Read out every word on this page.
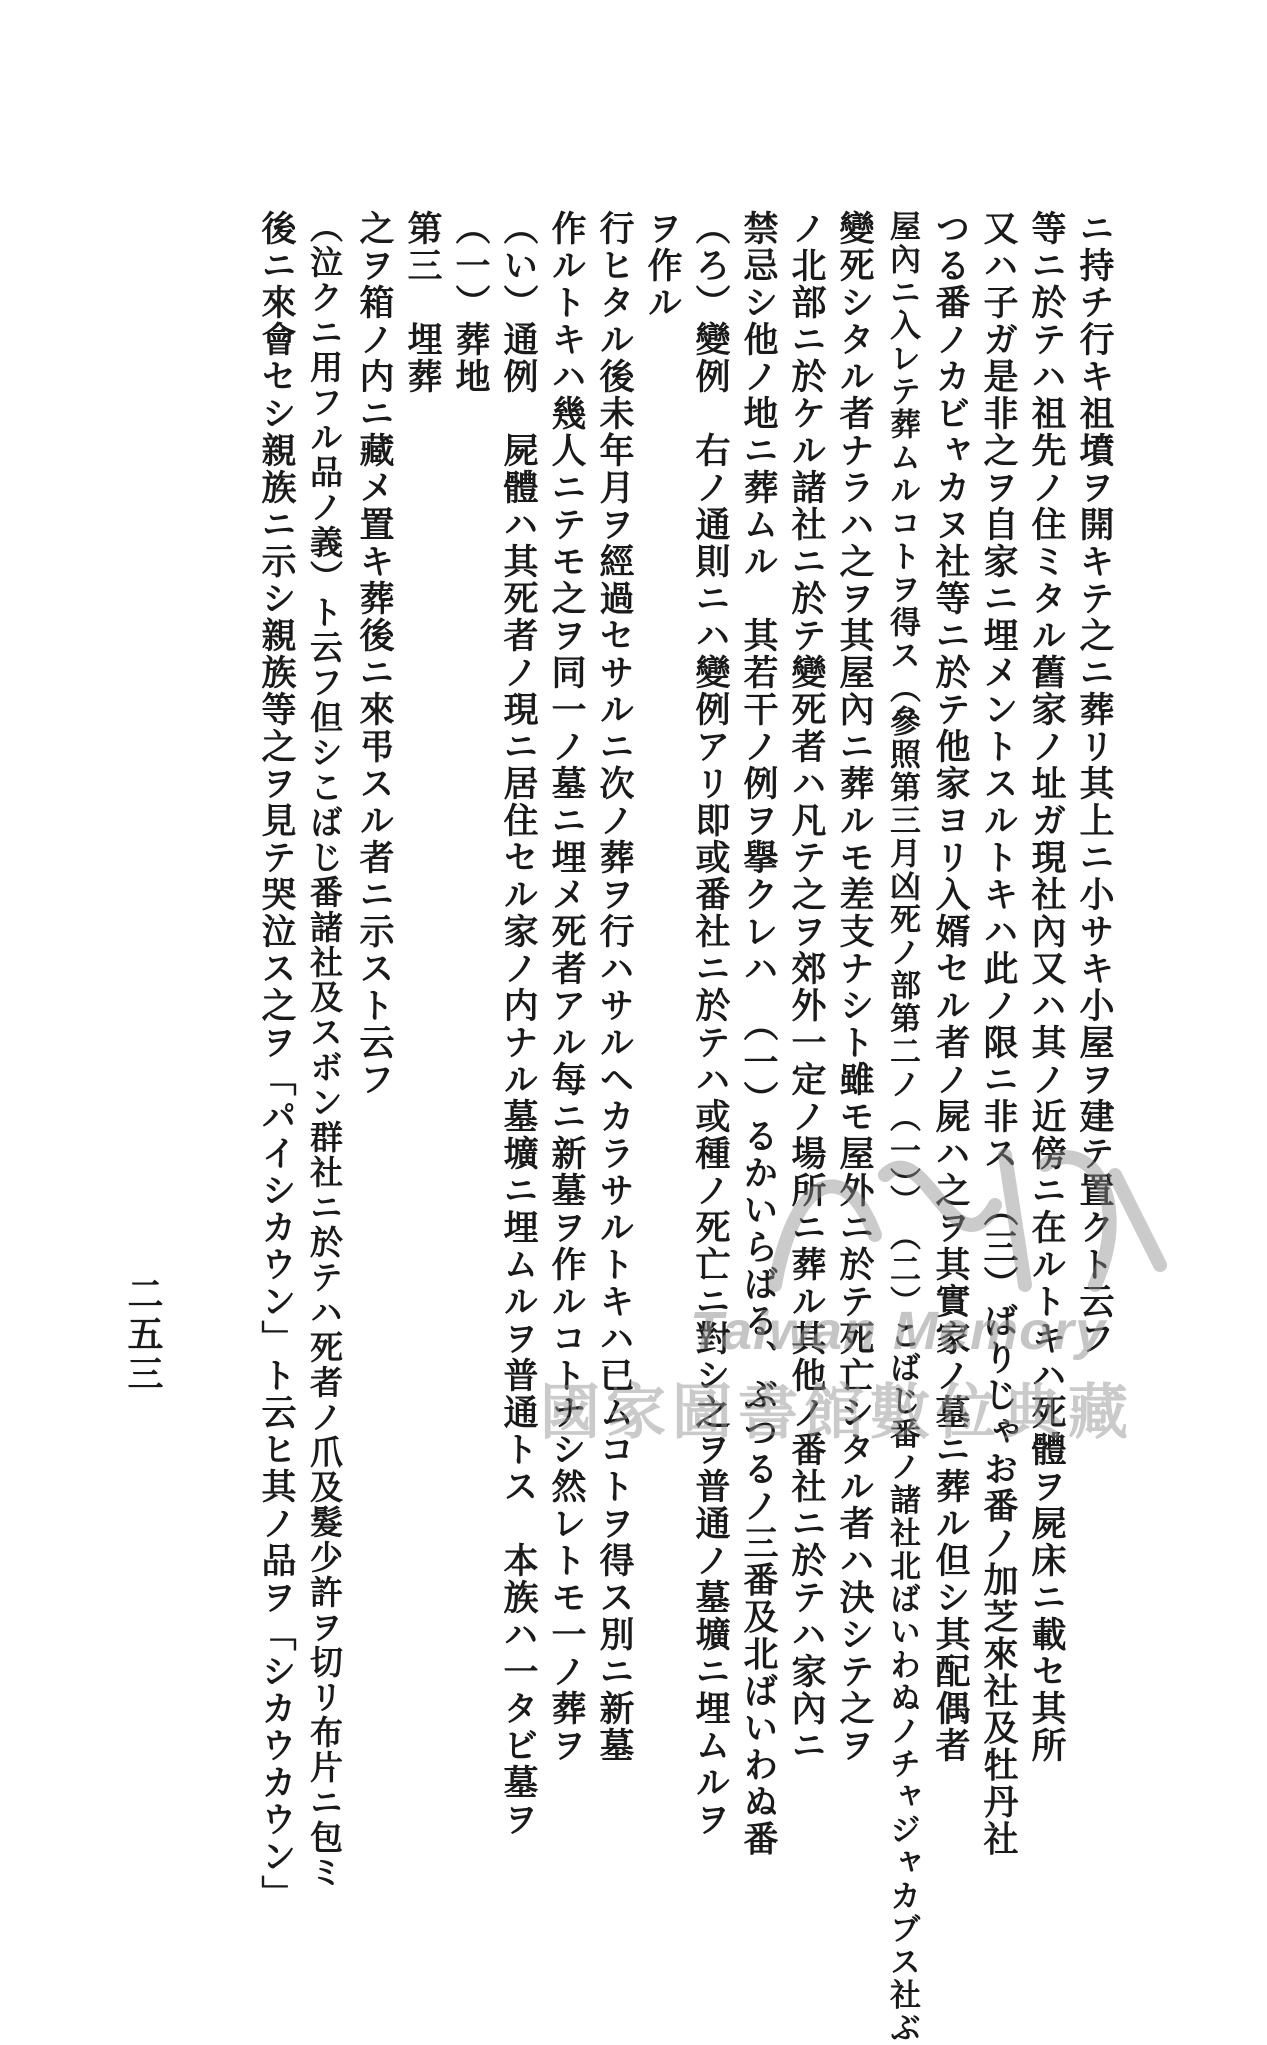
後ニ來會セシ親族ニ示シ親族等之ヲ見テ哭泣ス之ヲ「パイシカウン」ト云ヒ其ノ品ヲ「シカウカウン」 （泣クニ用フル品ノ義）ト云フ但シこばじ番諸社及スボン群社ニ於テハ死者ノ爪及髮少許ヲ切リ布片ニ包ミ 之ヲ箱ノ内ニ藏メ置キ葬後ニ來弔スル者ニ示スト云フ 第三　埋葬 （一）葬地 （い）通例　屍體ハ其死者ノ現ニ居住セル家ノ内ナル墓壙ニ埋ムルヲ普通トス　本族ハ一タビ墓ヲ 作ルトキハ幾人ニテモ之ヲ同一ノ墓ニ埋メ死者アル每ニ新墓ヲ作ルコトナシ然レトモ一ノ葬ヲ 行ヒタル後未年月ヲ經過セサルニ次ノ葬ヲ行ハサルヘカラサルトキハ已ムコトヲ得ス別ニ新墓 ヲ作ル （ろ）變例　右ノ通則ニハ變例アリ即或番社ニ於テハ或種ノ死亡ニ對シ之ヲ普通ノ墓壙ニ埋ムルヲ 禁忌シ他ノ地ニ葬ムル　其若干ノ例ヲ擧クレハ　（一）るかいらばる、ぶつるノ三番及北ばいわぬ番 ノ北部ニ於ケル諸社ニ於テ變死者ハ凡テ之ヲ郊外一定ノ場所ニ葬ル其他ノ番社ニ於テハ家內ニ 變死シタル者ナラハ之ヲ其屋內ニ葬ルモ差支ナシト雖モ屋外ニ於テ死亡シタル者ハ決シテ之ヲ 屋內ニ入レテ葬ムルコトヲ得ス（參照第三月凶死ノ部第二ノ（一））　（二）こばじ番ノ諸社北ばいわぬノチャジャカブス社ぶ つる番ノカビャカヌ社等ニ於テ他家ヨリ入婿セル者ノ屍ハ之ヲ其實家ノ墓ニ葬ル但シ其配偶者 又ハ子ガ是非之ヲ自家ニ埋メントスルトキハ此ノ限ニ非ス　（三）ばりじゃお番ノ加芝來社及牡丹社 等ニ於テハ祖先ノ住ミタル舊家ノ址ガ現社內又ハ其ノ近傍ニ在ルトキハ死體ヲ屍床ニ載セ其所 ニ持チ行キ祖墳ヲ開キテ之ニ葬リ其上ニ小サキ小屋ヲ建テ置クト云フ
二五三	Taiwan Memory
國家圖書館數位典藏
